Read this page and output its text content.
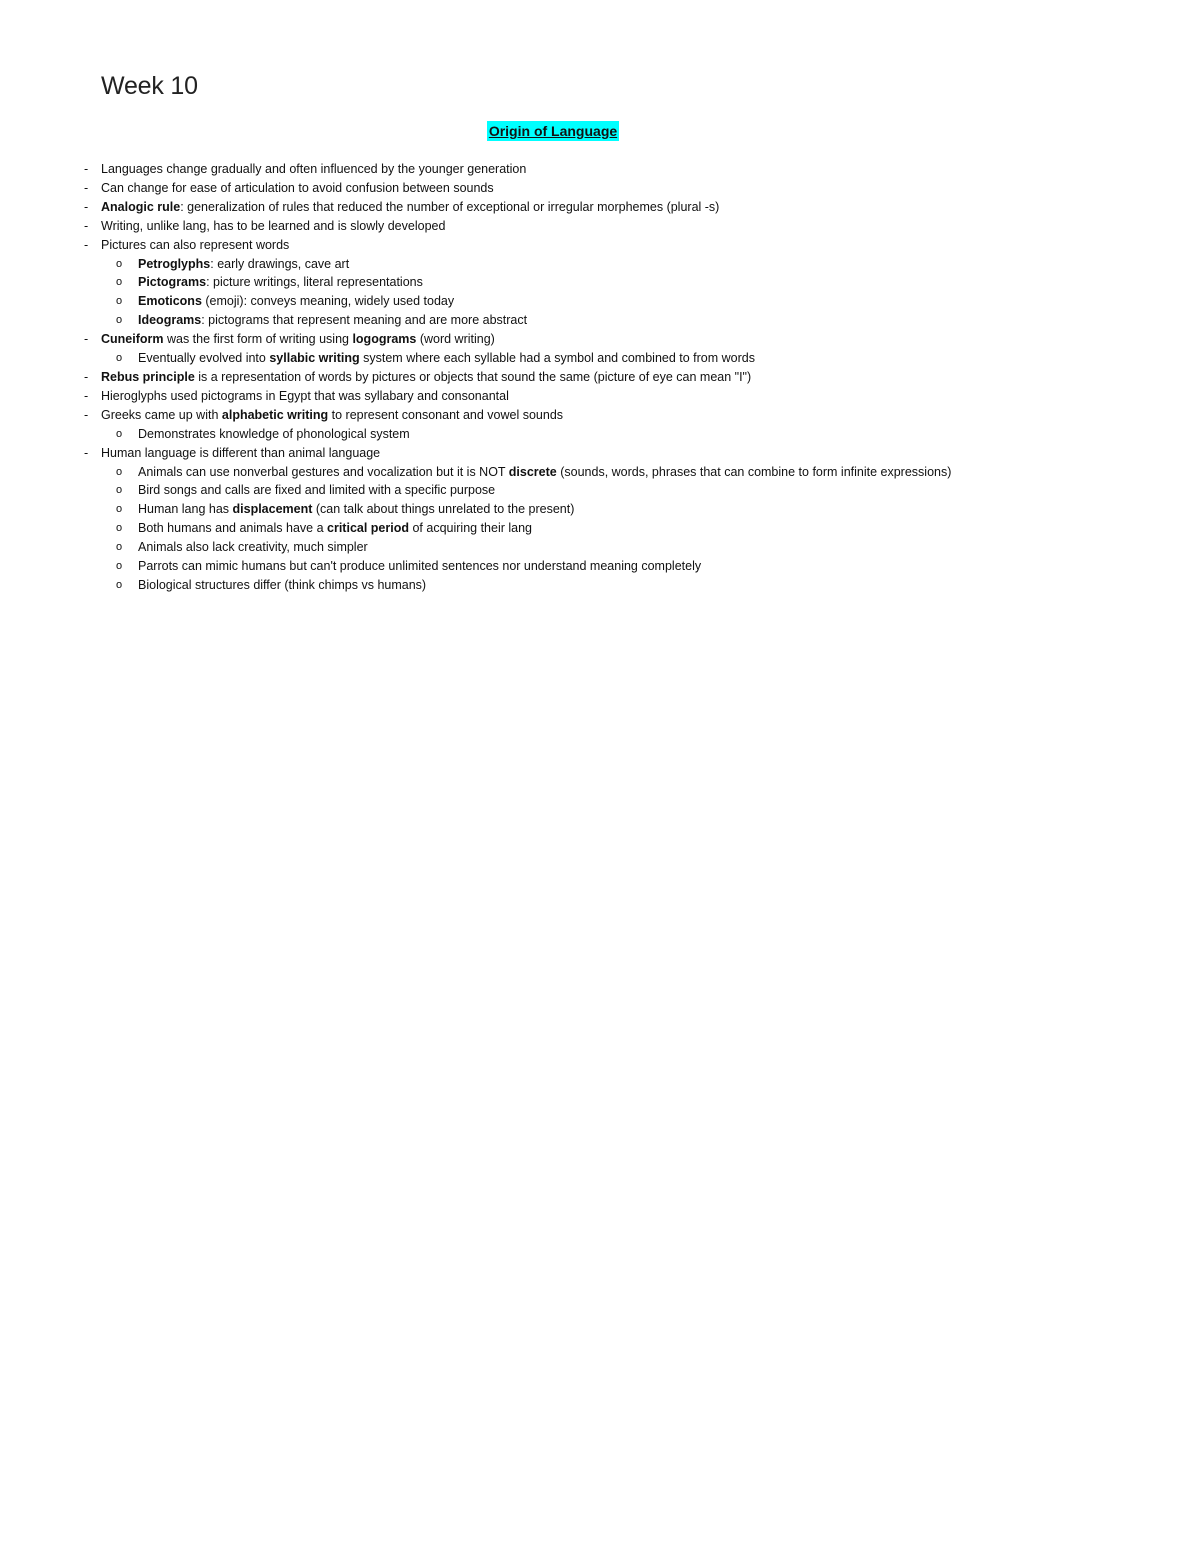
Week 10
Origin of Language
- Languages change gradually and often influenced by the younger generation
- Can change for ease of articulation to avoid confusion between sounds
- Analogic rule: generalization of rules that reduced the number of exceptional or irregular morphemes (plural -s)
- Writing, unlike lang, has to be learned and is slowly developed
- Pictures can also represent words
o Petroglyphs: early drawings, cave art
o Pictograms: picture writings, literal representations
o Emoticons (emoji): conveys meaning, widely used today
o Ideograms: pictograms that represent meaning and are more abstract
- Cuneiform was the first form of writing using logograms (word writing)
o Eventually evolved into syllabic writing system where each syllable had a symbol and combined to from words
- Rebus principle is a representation of words by pictures or objects that sound the same (picture of eye can mean "I")
- Hieroglyphs used pictograms in Egypt that was syllabary and consonantal
- Greeks came up with alphabetic writing to represent consonant and vowel sounds
o Demonstrates knowledge of phonological system
- Human language is different than animal language
o Animals can use nonverbal gestures and vocalization but it is NOT discrete (sounds, words, phrases that can combine to form infinite expressions)
o Bird songs and calls are fixed and limited with a specific purpose
o Human lang has displacement (can talk about things unrelated to the present)
o Both humans and animals have a critical period of acquiring their lang
o Animals also lack creativity, much simpler
o Parrots can mimic humans but can't produce unlimited sentences nor understand meaning completely
o Biological structures differ (think chimps vs humans)
